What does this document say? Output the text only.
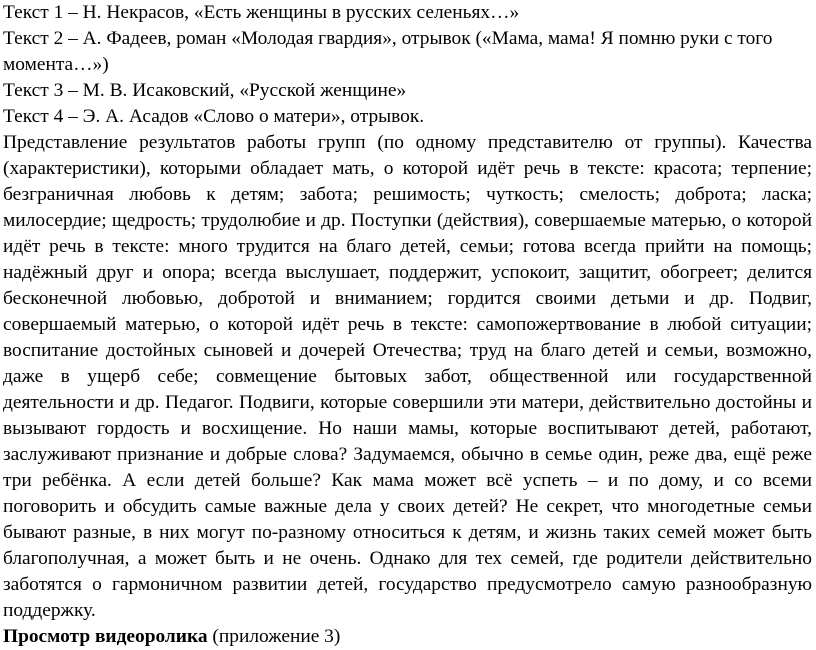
Текст 1 – Н. Некрасов, «Есть женщины в русских селеньях…»
Текст 2 – А. Фадеев, роман «Молодая гвардия», отрывок («Мама, мама! Я помню руки с того
момента…»)
Текст 3 – М. В. Исаковский, «Русской женщине»
Текст 4 – Э. А. Асадов «Слово о матери», отрывок.
Представление результатов работы групп (по одному представителю от группы). Качества
(характеристики), которыми обладает мать, о которой идёт речь в тексте: красота; терпение;
безграничная любовь к детям; забота; решимость; чуткость; смелость; доброта; ласка;
милосердие; щедрость; трудолюбие и др. Поступки (действия), совершаемые матерью, о которой
идёт речь в тексте: много трудится на благо детей, семьи; готова всегда прийти на помощь;
надёжный друг и опора; всегда выслушает, поддержит, успокоит, защитит, обогреет; делится
бесконечной любовью, добротой и вниманием; гордится своими детьми и др. Подвиг,
совершаемый матерью, о которой идёт речь в тексте: самопожертвование в любой ситуации;
воспитание достойных сыновей и дочерей Отечества; труд на благо детей и семьи, возможно,
даже в ущерб себе; совмещение бытовых забот, общественной или государственной
деятельности и др. Педагог. Подвиги, которые совершили эти матери, действительно достойны и
вызывают гордость и восхищение. Но наши мамы, которые воспитывают детей, работают,
заслуживают признание и добрые слова? Задумаемся, обычно в семье один, реже два, ещё реже
три ребёнка. А если детей больше? Как мама может всё успеть – и по дому, и со всеми
поговорить и обсудить самые важные дела у своих детей? Не секрет, что многодетные семьи
бывают разные, в них могут по-разному относиться к детям, и жизнь таких семей может быть
благополучная, а может быть и не очень. Однако для тех семей, где родители действительно
заботятся о гармоничном развитии детей, государство предусмотрело самую разнообразную
поддержку.
Просмотр видеоролика (приложение 3)
